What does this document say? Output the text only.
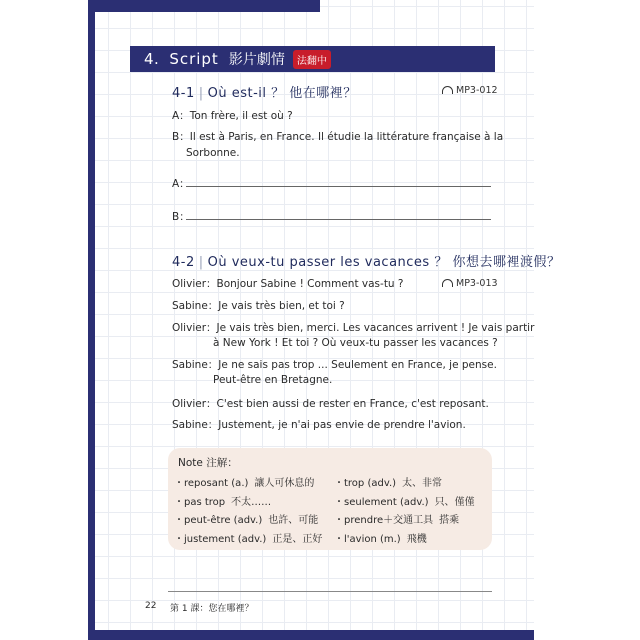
4. Script 影片劇情	法翻中
4-1 | Où est-il ？ 他在哪裡？	MP3-012
A：Ton frère, il est où ?
B：Il est à Paris, en France. Il étudie la littérature française à la
Sorbonne.
A：
B：
4-2 | Où veux-tu passer les vacances ？ 你想去哪裡渡假？
MP3-013
Olivier：Bonjour Sabine ! Comment vas-tu ?
Sabine：Je vais très bien, et toi ?
Olivier：Je vais très bien, merci. Les vacances arrivent ! Je vais partir
à New York ! Et toi ? Où veux-tu passer les vacances ?
Sabine：Je ne sais pas trop ... Seulement en France, je pense.
Peut-être en Bretagne.
Olivier：C'est bien aussi de rester en France, c'est reposant.
Sabine：Justement, je n'ai pas envie de prendre l'avion.
Note 注解：
・reposant (a.) 讓人可休息的 ・trop (adv.) 太、非常
・pas trop 不太……	・seulement (adv.) 只、僅僅
・peut-être (adv.) 也許、可能 ・prendre＋交通工具 搭乘
・justement (adv.) 正是、正好 ・l'avion (m.) 飛機
22 第 1 課：您在哪裡？
